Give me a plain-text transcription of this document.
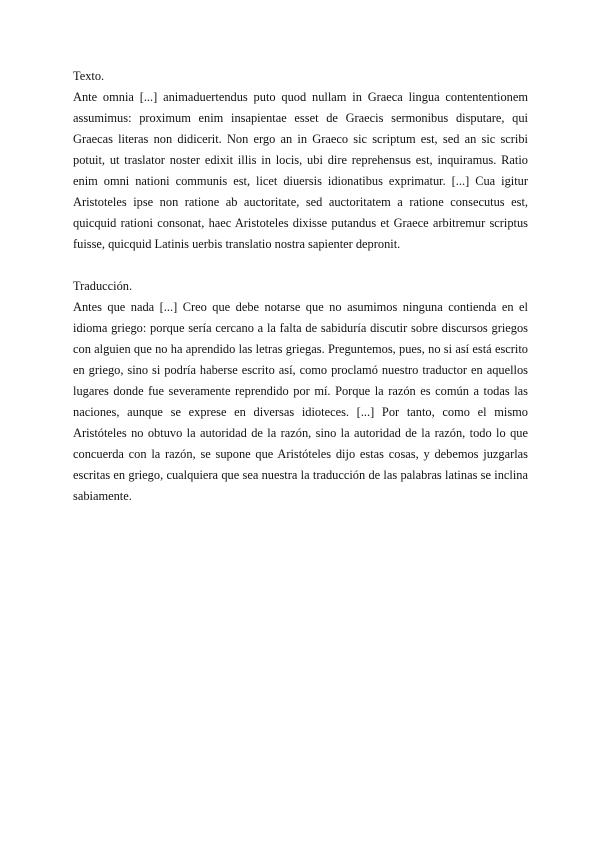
Texto.

Ante omnia [...] animaduertendus puto quod nullam in Graeca lingua contententionem assumimus: proximum enim insapientae esset de Graecis sermonibus disputare, qui Graecas literas non didicerit. Non ergo an in Graeco sic scriptum est, sed an sic scribi potuit, ut traslator noster edixit illis in locis, ubi dire reprehensus est, inquiramus. Ratio enim omni nationi communis est, licet diuersis idionatibus exprimatur. [...] Cua igitur Aristoteles ipse non ratione ab auctoritate, sed auctoritatem a ratione consecutus est, quicquid rationi consonat, haec Aristoteles dixisse putandus et Graece arbitremur scriptus fuisse, quicquid Latinis uerbis translatio nostra sapienter depronit.

Traducción.

Antes que nada [...] Creo que debe notarse que no asumimos ninguna contienda en el idioma griego: porque sería cercano a la falta de sabiduría discutir sobre discursos griegos con alguien que no ha aprendido las letras griegas. Preguntemos, pues, no si así está escrito en griego, sino si podría haberse escrito así, como proclamó nuestro traductor en aquellos lugares donde fue severamente reprendido por mí. Porque la razón es común a todas las naciones, aunque se exprese en diversas idioteces. [...] Por tanto, como el mismo Aristóteles no obtuvo la autoridad de la razón, sino la autoridad de la razón, todo lo que concuerda con la razón, se supone que Aristóteles dijo estas cosas, y debemos juzgarlas escritas en griego, cualquiera que sea nuestra la traducción de las palabras latinas se inclina sabiamente.
